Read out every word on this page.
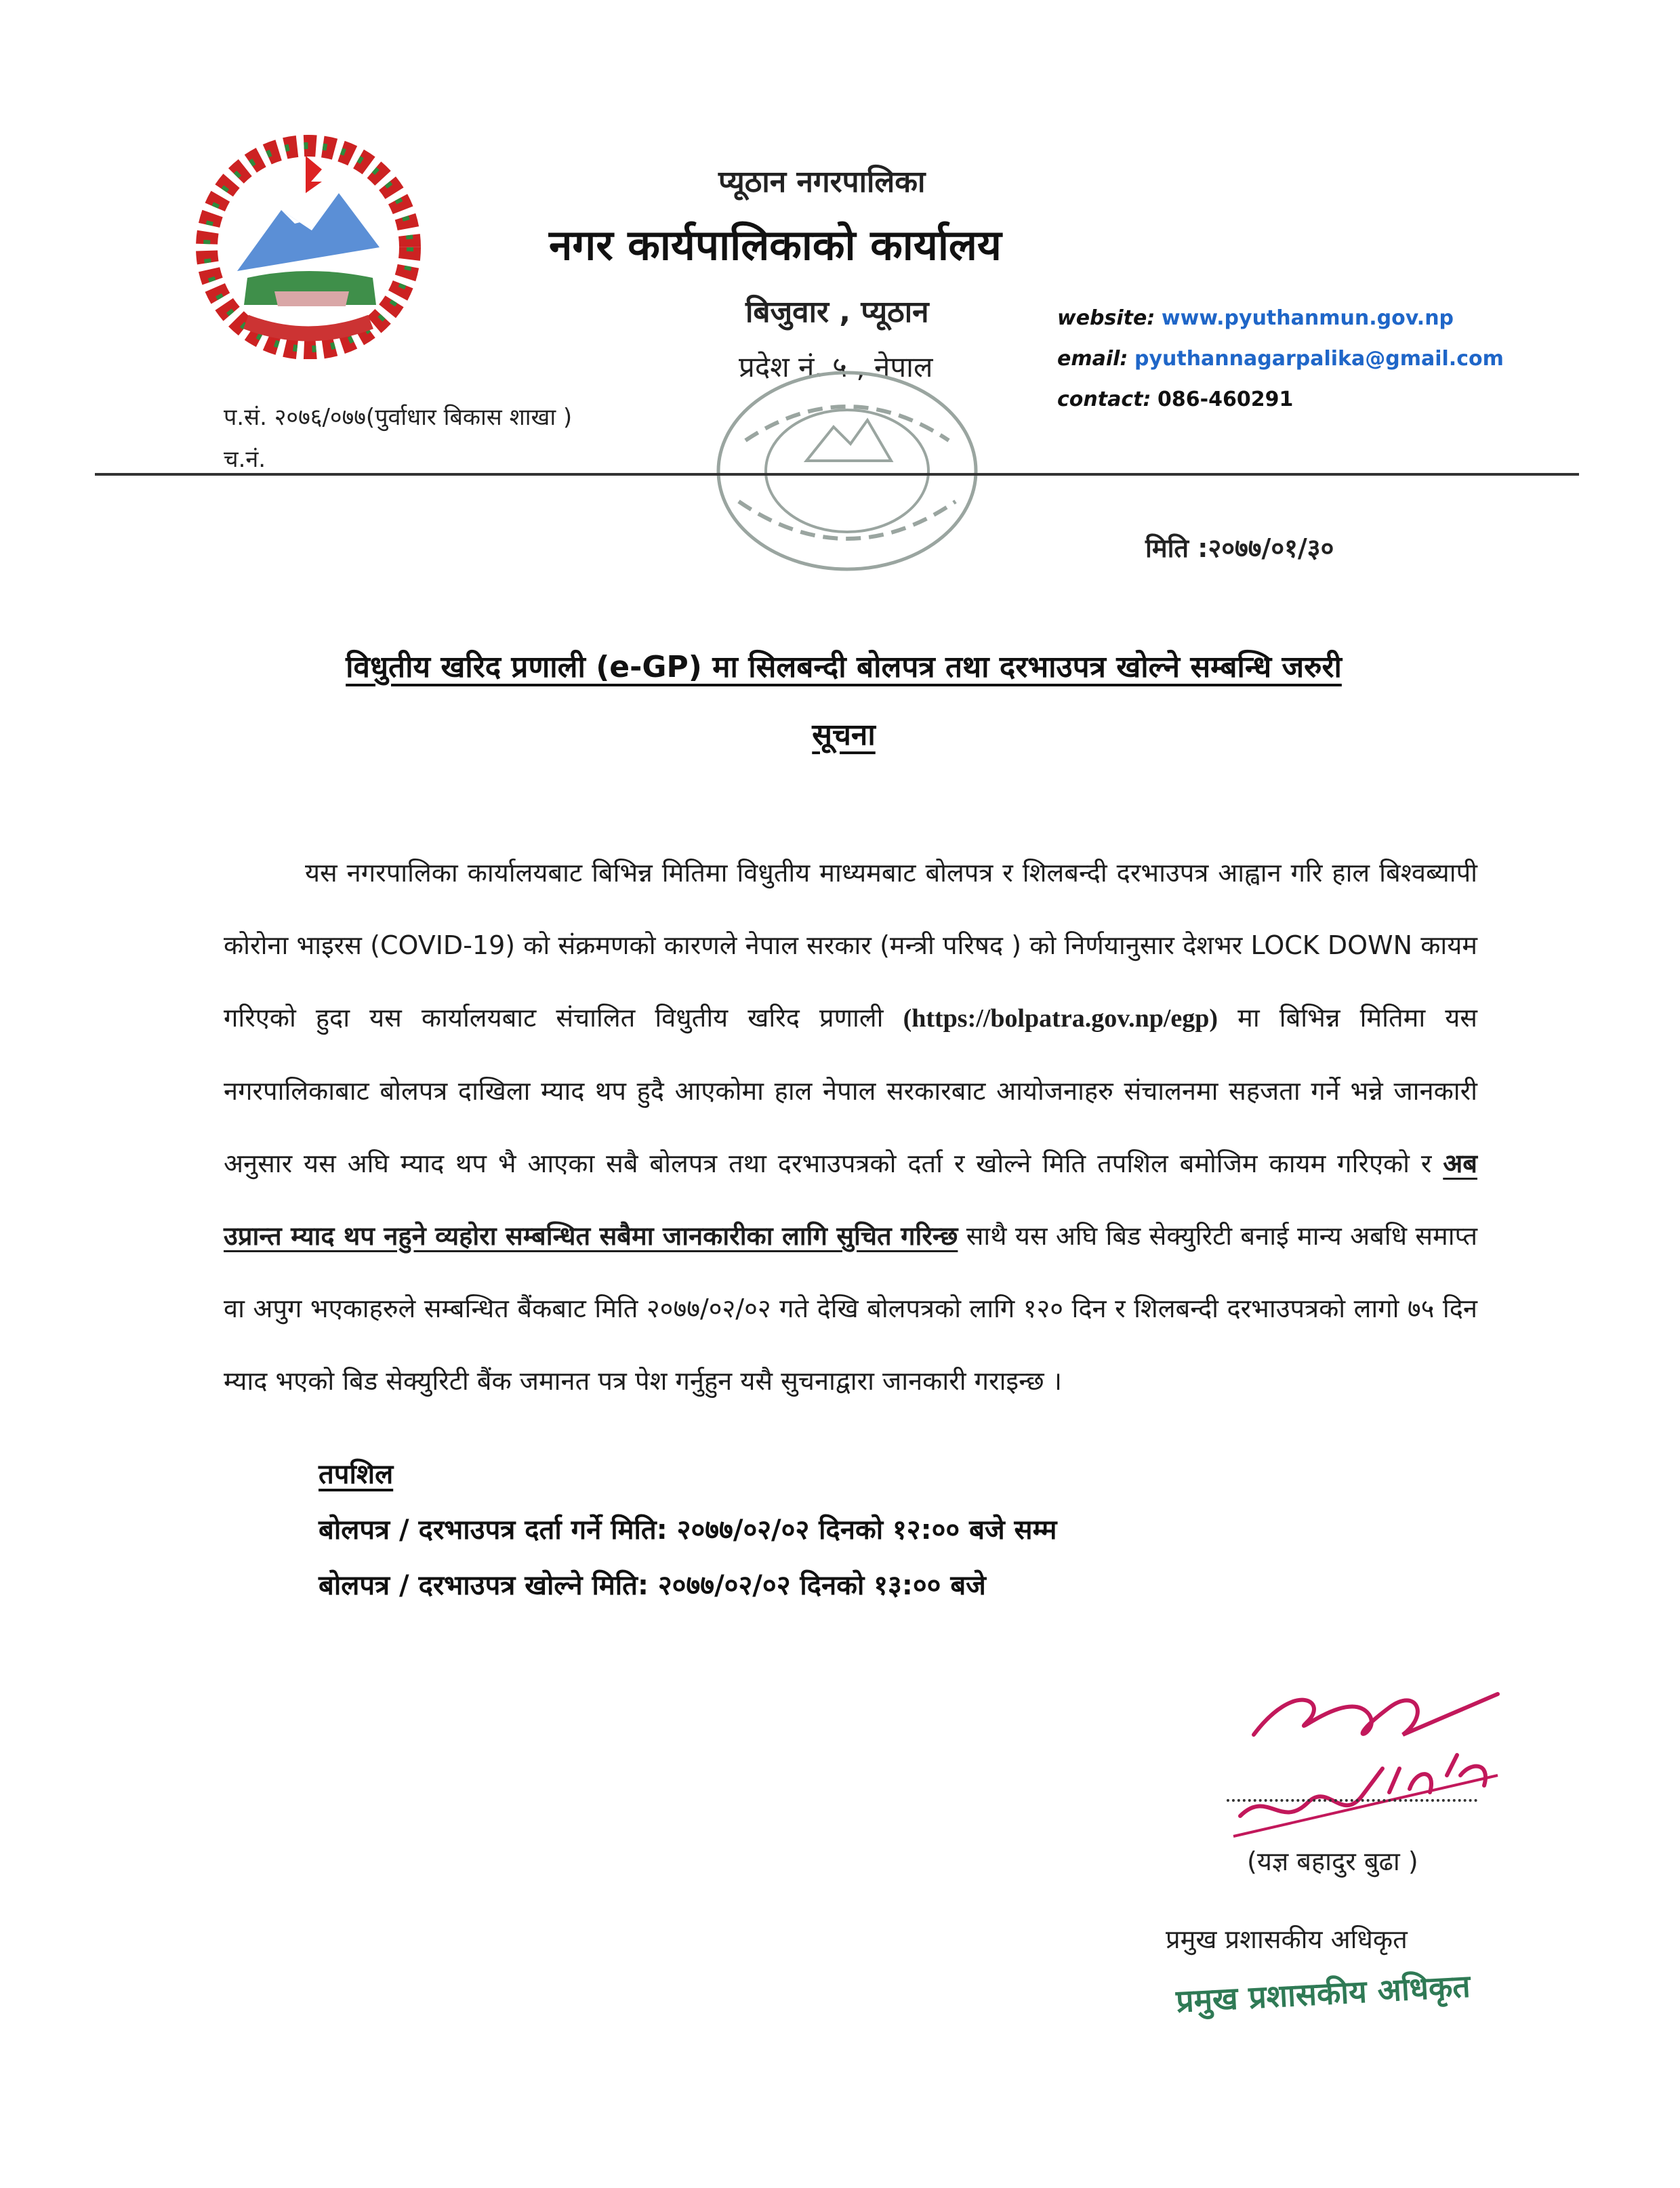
प्यूठान नगरपालिका
नगर कार्यपालिकाको कार्यालय
बिजुवार , प्यूठान
प्रदेश नं. ५ , नेपाल
website: www.pyuthanmun.gov.np
email: pyuthannagarpalika@gmail.com
contact: 086-460291
प.सं. २०७६/०७७(पुर्वाधार बिकास शाखा )
च.नं.
मिति :२०७७/०१/३०
विधुतीय खरिद प्रणाली (e-GP) मा सिलबन्दी बोलपत्र तथा दरभाउपत्र खोल्ने सम्बन्धि जरुरी
सूचना

यस नगरपालिका कार्यालयबाट बिभिन्न मितिमा विधुतीय माध्यमबाट बोलपत्र र शिलबन्दी दरभाउपत्र आह्वान गरि हाल बिश्वब्यापी कोरोना भाइरस (COVID-19) को संक्रमणको कारणले नेपाल सरकार (मन्त्री परिषद ) को निर्णयानुसार देशभर LOCK DOWN कायम गरिएको हुदा यस कार्यालयबाट संचालित विधुतीय खरिद प्रणाली (https://bolpatra.gov.np/egp) मा बिभिन्न मितिमा यस नगरपालिकाबाट बोलपत्र दाखिला म्याद थप हुदै आएकोमा हाल नेपाल सरकारबाट आयोजनाहरु संचालनमा सहजता गर्ने भन्ने जानकारी अनुसार यस अघि म्याद थप भै आएका सबै बोलपत्र तथा दरभाउपत्रको दर्ता र खोल्ने मिति तपशिल बमोजिम कायम गरिएको र अब उप्रान्त म्याद थप नहुने व्यहोरा सम्बन्धित सबैमा जानकारीका लागि सुचित गरिन्छ साथै यस अघि बिड सेक्युरिटी बनाई मान्य अबधि समाप्त वा अपुग भएकाहरुले सम्बन्धित बैंकबाट मिति २०७७/०२/०२ गते देखि बोलपत्रको लागि १२० दिन र शिलबन्दी दरभाउपत्रको लागो ७५ दिन म्याद भएको बिड सेक्युरिटी बैंक जमानत पत्र पेश गर्नुहुन यसै सुचनाद्वारा जानकारी गराइन्छ ।

तपशिल
बोलपत्र / दरभाउपत्र दर्ता गर्ने मिति: २०७७/०२/०२ दिनको १२:०० बजे सम्म
बोलपत्र / दरभाउपत्र खोल्ने मिति: २०७७/०२/०२ दिनको १३:०० बजे
(यज्ञ बहादुर बुढा )
प्रमुख प्रशासकीय अधिकृत
प्रमुख प्रशासकीय अधिकृत
